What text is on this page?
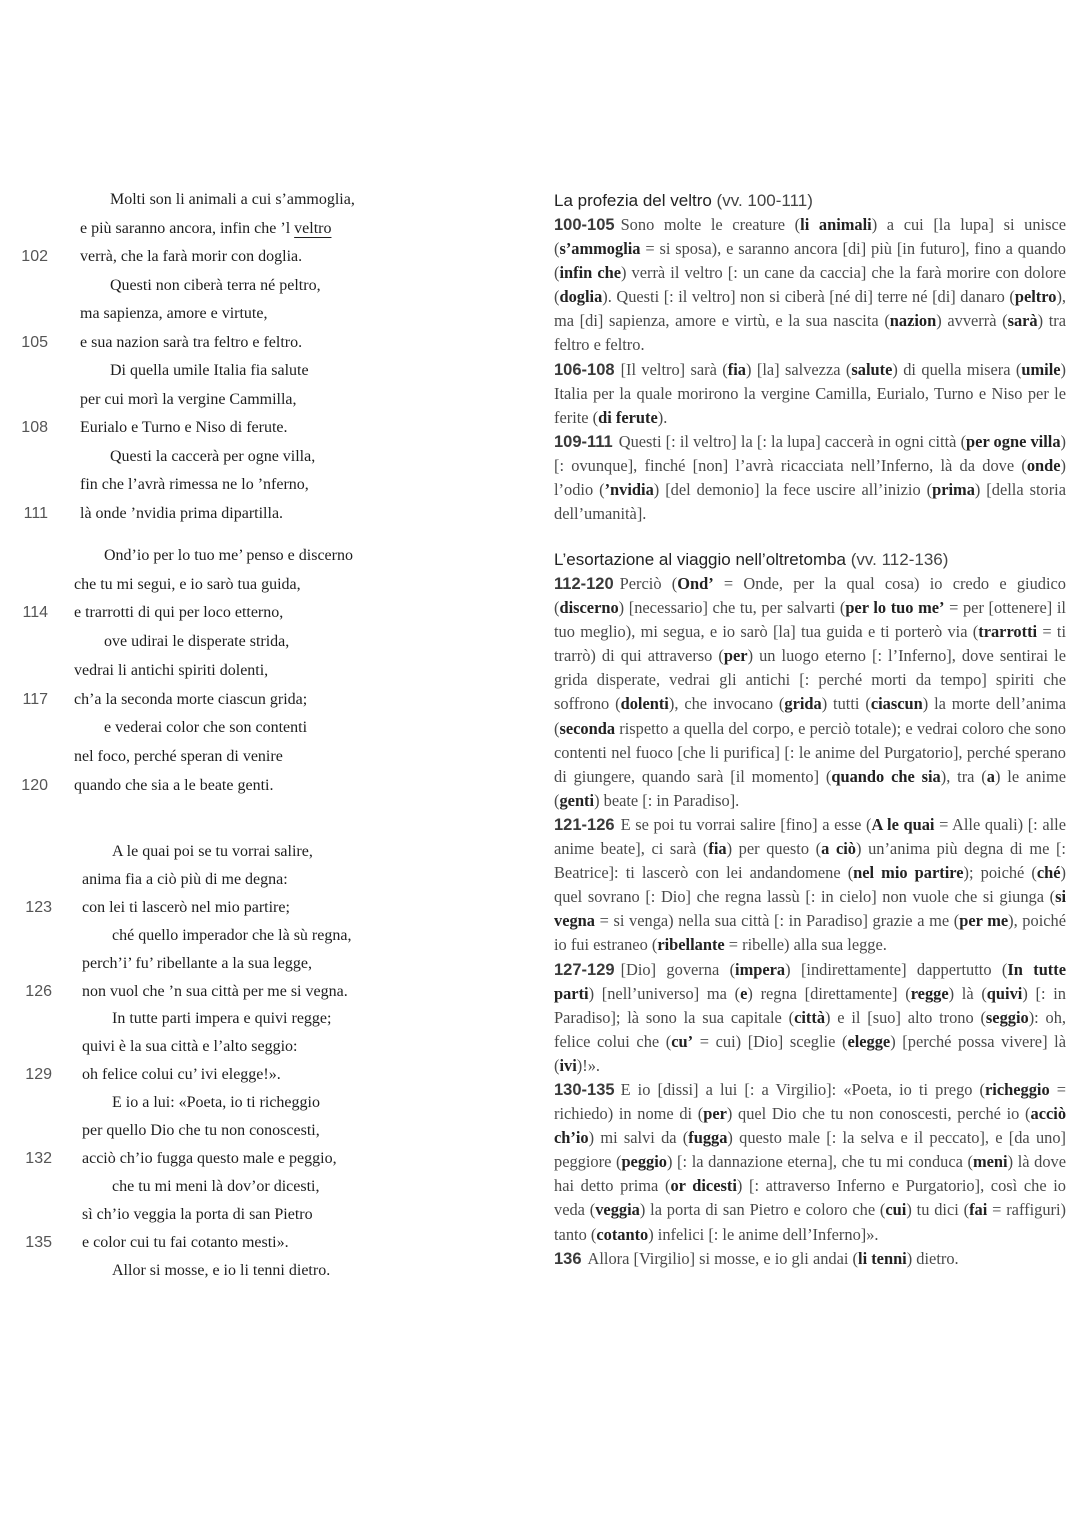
Molti son li animali a cui s’ammoglia,
e più saranno ancora, infin che ’l veltro
102 verrà, che la farà morir con doglia.
Questi non ciberà terra né peltro,
ma sapienza, amore e virtute,
105 e sua nazion sarà tra feltro e feltro.
Di quella umile Italia fia salute
per cui morì la vergine Cammilla,
108 Eurialo e Turno e Niso di ferute.
Questi la caccerà per ogne villa,
fin che l’avrà rimessa ne lo ’nferno,
111 là onde ’nvidia prima dipartilla.
Ond’io per lo tuo me’ penso e discerno
che tu mi segui, e io sarò tua guida,
114 e trarrotti di qui per loco etterno,
ove udirai le disperate strida,
vedrai li antichi spiriti dolenti,
117 ch’a la seconda morte ciascun grida;
e vederai color che son contenti
nel foco, perché speran di venire
120 quando che sia a le beate genti.
A le quai poi se tu vorrai salire,
anima fia a ciò più di me degna:
123 con lei ti lascerò nel mio partire;
ché quello imperador che là sù regna,
perch’i’ fu’ ribellante a la sua legge,
126 non vuol che ’n sua città per me si vegna.
In tutte parti impera e quivi regge;
quivi è la sua città e l’alto seggio:
129 oh felice colui cu’ ivi elegge!».
E io a lui: «Poeta, io ti richeggio
per quello Dio che tu non conoscesti,
132 acciò ch’io fugga questo male e peggio,
che tu mi meni là dov’or dicesti,
sì ch’io veggia la porta di san Pietro
135 e color cui tu fai cotanto mesti».
Allor si mosse, e io li tenni dietro.

La profezia del veltro (vv. 100-111)

100-105 Sono molte le creature (li animali) a cui [la lupa] si unisce (s’ammoglia = si sposa), e saranno ancora [di] più [in futuro], fino a quando (infin che) verrà il veltro [: un cane da caccia] che la farà morire con dolore (doglia). Questi [: il veltro] non si ciberà [né di] terre né [di] danaro (peltro), ma [di] sapienza, amore e virtù, e la sua nascita (nazion) avverrà (sarà) tra feltro e feltro.

106-108 [Il veltro] sarà (fia) [la] salvezza (salute) di quella misera (umile) Italia per la quale morirono la vergine Camilla, Eurialo, Turno e Niso per le ferite (di ferute).

109-111 Questi [: il veltro] la [: la lupa] caccerà in ogni città (per ogne villa) [: ovunque], finché [non] l’avrà ricacciata nell’Inferno, là da dove (onde) l’odio (’nvidia) [del demonio] la fece uscire all’inizio (prima) [della storia dell’umanità].

L’esortazione al viaggio nell’oltretomba (vv. 112-136)

112-120 Perciò (Ond’ = Onde, per la qual cosa) io credo e giudico (discerno) [necessario] che tu, per salvarti (per lo tuo me’ = per [ottenere] il tuo meglio), mi segua, e io sarò [la] tua guida e ti porterò via (trarrotti = ti trarrò) di qui attraverso (per) un luogo eterno [: l’Inferno], dove sentirai le grida disperate, vedrai gli antichi [: perché morti da tempo] spiriti che soffrono (dolenti), che invocano (grida) tutti (ciascun) la morte dell’anima (seconda rispetto a quella del corpo, e perciò totale); e vedrai coloro che sono contenti nel fuoco [che li purifica] [: le anime del Purgatorio], perché sperano di giungere, quando sarà [il momento] (quando che sia), tra (a) le anime (genti) beate [: in Paradiso].

121-126 E se poi tu vorrai salire [fino] a esse (A le quai = Alle quali) [: alle anime beate], ci sarà (fia) per questo (a ciò) un’anima più degna di me [: Beatrice]: ti lascerò con lei andandomene (nel mio partire); poiché (ché) quel sovrano [: Dio] che regna lassù [: in cielo] non vuole che si giunga (si vegna = si venga) nella sua città [: in Paradiso] grazie a me (per me), poiché io fui estraneo (ribellante = ribelle) alla sua legge.

127-129 [Dio] governa (impera) [indirettamente] dappertutto (In tutte parti) [nell’universo] ma (e) regna [direttamente] (regge) là (quivi) [: in Paradiso]; là sono la sua capitale (città) e il [suo] alto trono (seggio): oh, felice colui che (cu’ = cui) [Dio] sceglie (elegge) [perché possa vivere] là (ivi)!».

130-135 E io [dissi] a lui [: a Virgilio]: «Poeta, io ti prego (richeggio = richiedo) in nome di (per) quel Dio che tu non conoscesti, perché io (acciò ch’io) mi salvi da (fugga) questo male [: la selva e il peccato], e [da uno] peggiore (peggio) [: la dannazione eterna], che tu mi conduca (meni) là dove hai detto prima (or dicesti) [: attraverso Inferno e Purgatorio], così che io veda (veggia) la porta di san Pietro e coloro che (cui) tu dici (fai = raffiguri) tanto (cotanto) infelici [: le anime dell’Inferno]».

136 Allora [Virgilio] si mosse, e io gli andai (li tenni) dietro.
